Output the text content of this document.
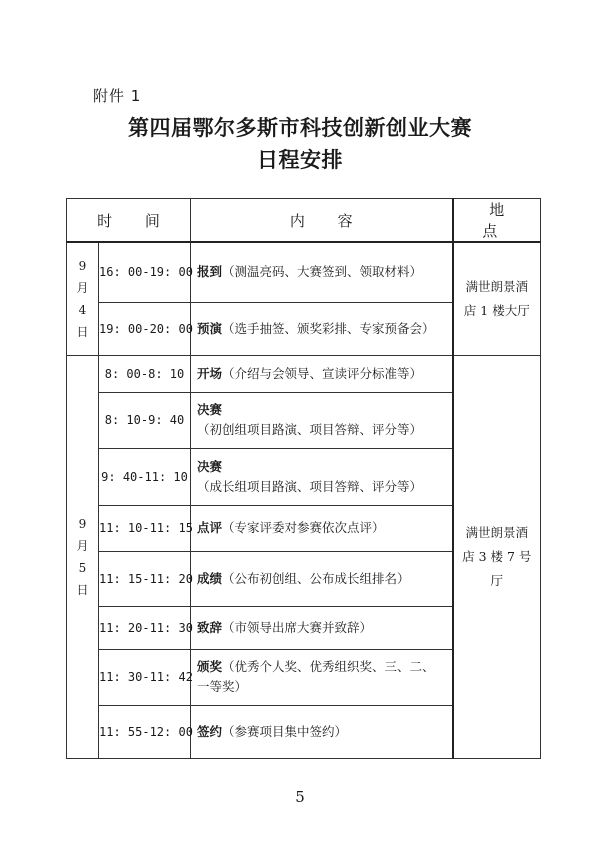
附件 1
第四届鄂尔多斯市科技创新创业大赛
日程安排
时 间		内 容	地 点

9
月
4
日	16: 00-19: 00	报到（测温亮码、大赛签到、领取材料）	满世朗景酒店 1 楼大厅
	19: 00-20: 00	预演（选手抽签、颁奖彩排、专家预备会）	

9
月
5
日	8: 00-8: 10	开场（介绍与会领导、宣读评分标准等）	满世朗景酒店 3 楼 7 号厅
	8: 10-9: 40	决赛（初创组项目路演、项目答辩、评分等）	
	9: 40-11: 10	决赛（成长组项目路演、项目答辩、评分等）	
	11: 10-11: 15	点评（专家评委对参赛依次点评）	
	11: 15-11: 20	成绩（公布初创组、公布成长组排名）	
	11: 20-11: 30	致辞（市领导出席大赛并致辞）	
	11: 30-11: 42	颁奖（优秀个人奖、优秀组织奖、三、二、一等奖）	
	11: 55-12: 00	签约（参赛项目集中签约）	
5
